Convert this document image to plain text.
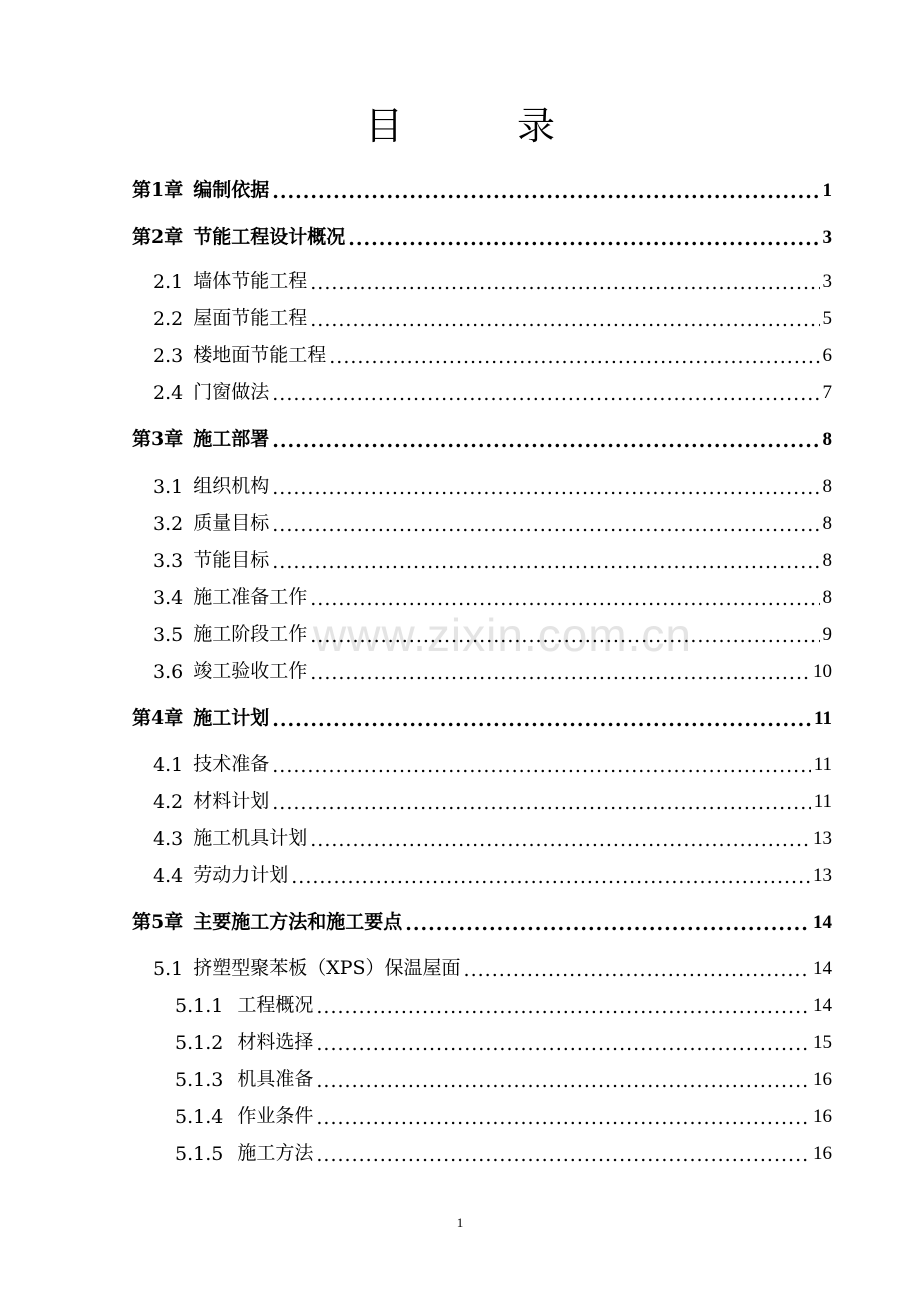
目　录
www.zixin.com.cn
第1章 编制依据 .....	1
第2章 节能工程设计概况 .....	3
2.1 墙体节能工程 .....	3
2.2 屋面节能工程 .....	5
2.3 楼地面节能工程 .....	6
2.4 门窗做法 .....	7
第3章 施工部署 .....	8
3.1 组织机构 .....	8
3.2 质量目标 .....	8
3.3 节能目标 .....	8
3.4 施工准备工作 .....	8
3.5 施工阶段工作 .....	9
3.6 竣工验收工作 .....	10
第4章 施工计划 .....	11
4.1 技术准备 .....	11
4.2 材料计划 .....	11
4.3 施工机具计划 .....	13
4.4 劳动力计划 .....	13
第5章 主要施工方法和施工要点 .....	14
5.1 挤塑型聚苯板（XPS）保温屋面 .....	14
5.1.1 工程概况 .....	14
5.1.2 材料选择 .....	15
5.1.3 机具准备 .....	16
5.1.4 作业条件 .....	16
5.1.5 施工方法 .....	16
1
